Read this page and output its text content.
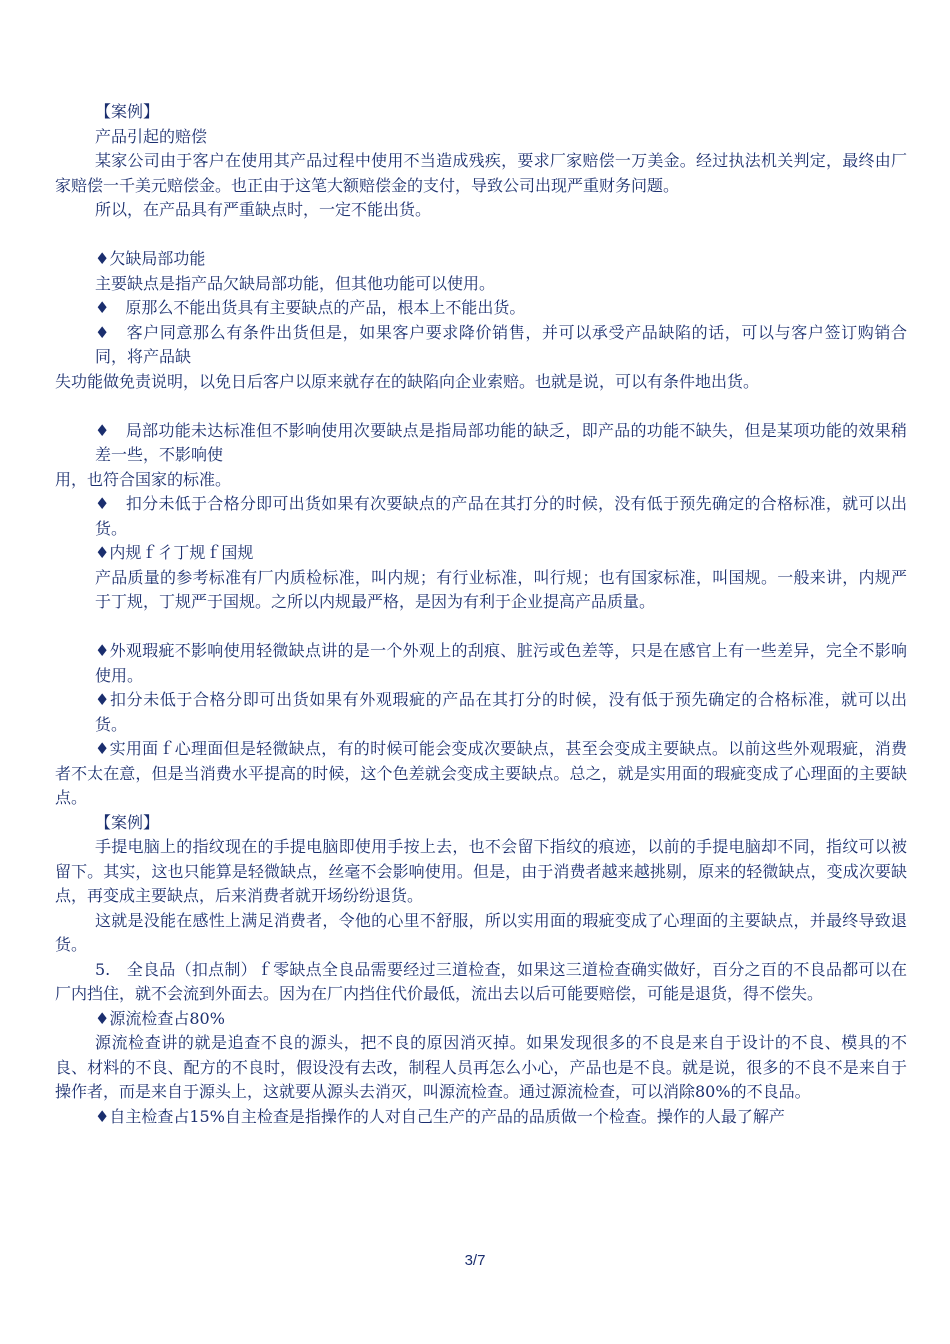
【案例】

产品引起的赔偿

某家公司由于客户在使用其产品过程中使用不当造成残疾，要求厂家赔偿一万美金。经过执法机关判定，最终由厂家赔偿一千美元赔偿金。也正由于这笔大额赔偿金的支付，导致公司出现严重财务问题。

所以，在产品具有严重缺点时，一定不能出货。

♦欠缺局部功能

主要缺点是指产品欠缺局部功能，但其他功能可以使用。

♦　原那么不能出货具有主要缺点的产品，根本上不能出货。

♦　客户同意那么有条件出货但是，如果客户要求降价销售，并可以承受产品缺陷的话，可以与客户签订购销合同，将产品缺

失功能做免责说明，以免日后客户以原来就存在的缺陷向企业索赔。也就是说，可以有条件地出货。

♦　局部功能未达标准但不影响使用次要缺点是指局部功能的缺乏，即产品的功能不缺失，但是某项功能的效果稍差一些，不影响使

用，也符合国家的标准。

♦　扣分未低于合格分即可出货如果有次要缺点的产品在其打分的时候，没有低于预先确定的合格标准，就可以出货。

♦内规ｆ彳丁规ｆ国规

产品质量的参考标准有厂内质检标准，叫内规；有行业标准，叫行规；也有国家标准，叫国规。一般来讲，内规严于丁规，丁规严于国规。之所以内规最严格，是因为有利于企业提高产品质量。

♦外观瑕疵不影响使用轻微缺点讲的是一个外观上的刮痕、脏污或色差等，只是在感官上有一些差异，完全不影响使用。

♦扣分未低于合格分即可出货如果有外观瑕疵的产品在其打分的时候，没有低于预先确定的合格标准，就可以出货。

♦实用面ｆ心理面但是轻微缺点，有的时候可能会变成次要缺点，甚至会变成主要缺点。以前这些外观瑕疵，消费者不太在意，但是当消费水平提高的时候，这个色差就会变成主要缺点。总之，就是实用面的瑕疵变成了心理面的主要缺点。

【案例】

手提电脑上的指纹现在的手提电脑即使用手按上去，也不会留下指纹的痕迹，以前的手提电脑却不同，指纹可以被留下。其实，这也只能算是轻微缺点，丝毫不会影响使用。但是，由于消费者越来越挑剔，原来的轻微缺点，变成次要缺点，再变成主要缺点，后来消费者就开场纷纷退货。

这就是没能在感性上满足消费者，令他的心里不舒服，所以实用面的瑕疵变成了心理面的主要缺点，并最终导致退货。

5.　全良品（扣点制）ｆ零缺点全良品需要经过三道检查，如果这三道检查确实做好，百分之百的不良品都可以在厂内挡住，就不会流到外面去。因为在厂内挡住代价最低，流出去以后可能要赔偿，可能是退货，得不偿失。

♦源流检查占80%

源流检查讲的就是追查不良的源头，把不良的原因消灭掉。如果发现很多的不良是来自于设计的不良、模具的不良、材料的不良、配方的不良时，假设没有去改，制程人员再怎么小心，产品也是不良。就是说，很多的不良不是来自于操作者，而是来自于源头上，这就要从源头去消灭，叫源流检查。通过源流检查，可以消除80%的不良品。

♦自主检查占15%自主检查是指操作的人对自己生产的产品的品质做一个检查。操作的人最了解产

3/7
